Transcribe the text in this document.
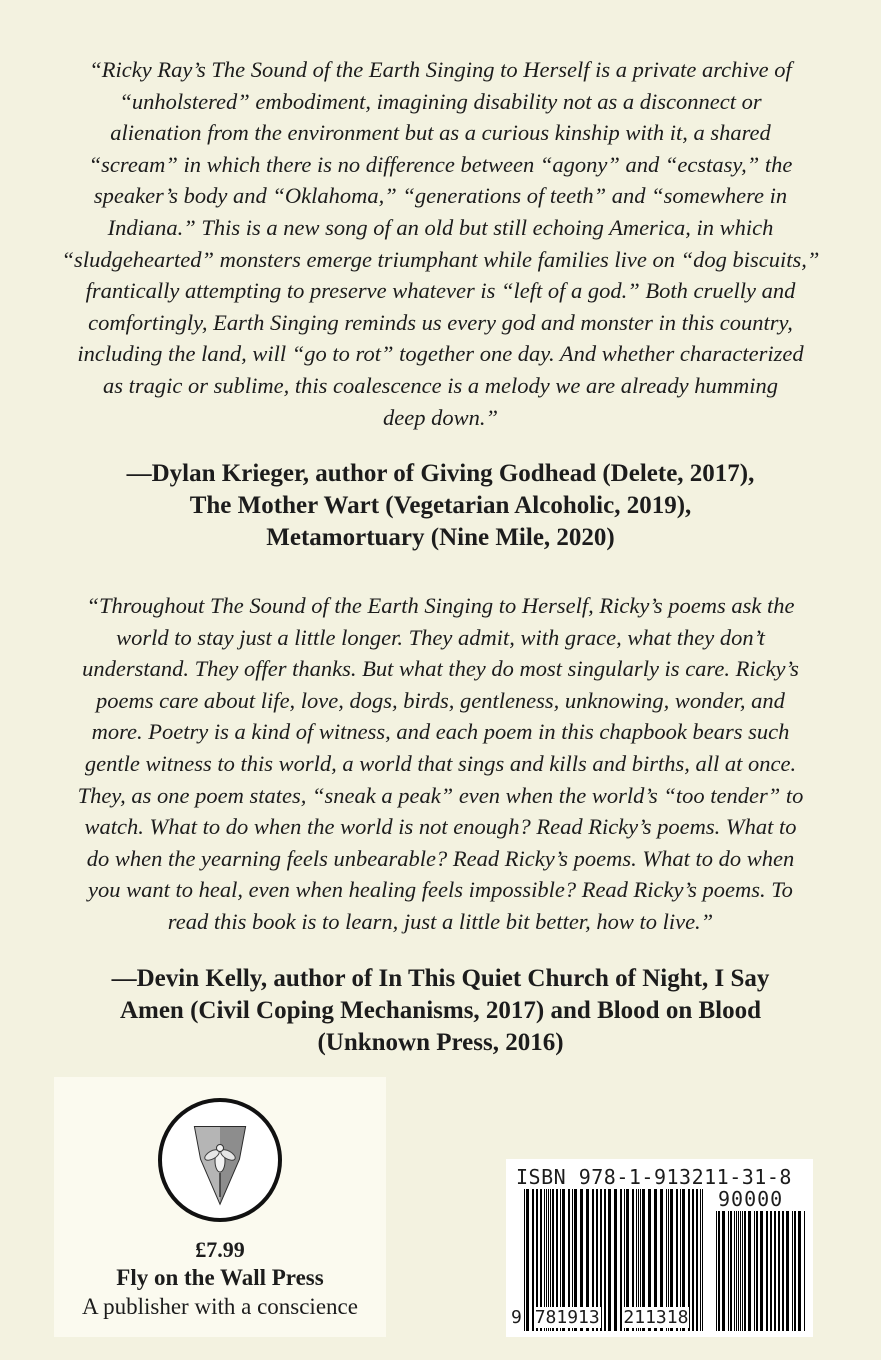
“Ricky Ray’s The Sound of the Earth Singing to Herself is a private archive of
“unholstered” embodiment, imagining disability not as a disconnect or
alienation from the environment but as a curious kinship with it, a shared
“scream” in which there is no difference between “agony” and “ecstasy,” the
speaker’s body and “Oklahoma,” “generations of teeth” and “somewhere in
Indiana.” This is a new song of an old but still echoing America, in which
“sludgehearted” monsters emerge triumphant while families live on “dog biscuits,”
frantically attempting to preserve whatever is “left of a god.” Both cruelly and
comfortingly, Earth Singing reminds us every god and monster in this country,
including the land, will “go to rot” together one day. And whether characterized
as tragic or sublime, this coalescence is a melody we are already humming
deep down.”
—Dylan Krieger, author of Giving Godhead (Delete, 2017),
The Mother Wart (Vegetarian Alcoholic, 2019),
Metamortuary (Nine Mile, 2020)
“Throughout The Sound of the Earth Singing to Herself, Ricky’s poems ask the
world to stay just a little longer. They admit, with grace, what they don’t
understand. They offer thanks. But what they do most singularly is care. Ricky’s
poems care about life, love, dogs, birds, gentleness, unknowing, wonder, and
more. Poetry is a kind of witness, and each poem in this chapbook bears such
gentle witness to this world, a world that sings and kills and births, all at once.
They, as one poem states, “sneak a peak” even when the world’s “too tender” to
watch. What to do when the world is not enough? Read Ricky’s poems. What to
do when the yearning feels unbearable? Read Ricky’s poems. What to do when
you want to heal, even when healing feels impossible? Read Ricky’s poems. To
read this book is to learn, just a little bit better, how to live.”
—Devin Kelly, author of In This Quiet Church of Night, I Say
Amen (Civil Coping Mechanisms, 2017) and Blood on Blood
(Unknown Press, 2016)
£7.99
Fly on the Wall Press
A publisher with a conscience
ISBN 978-1-913211-31-8
90000
9 781913 211318
